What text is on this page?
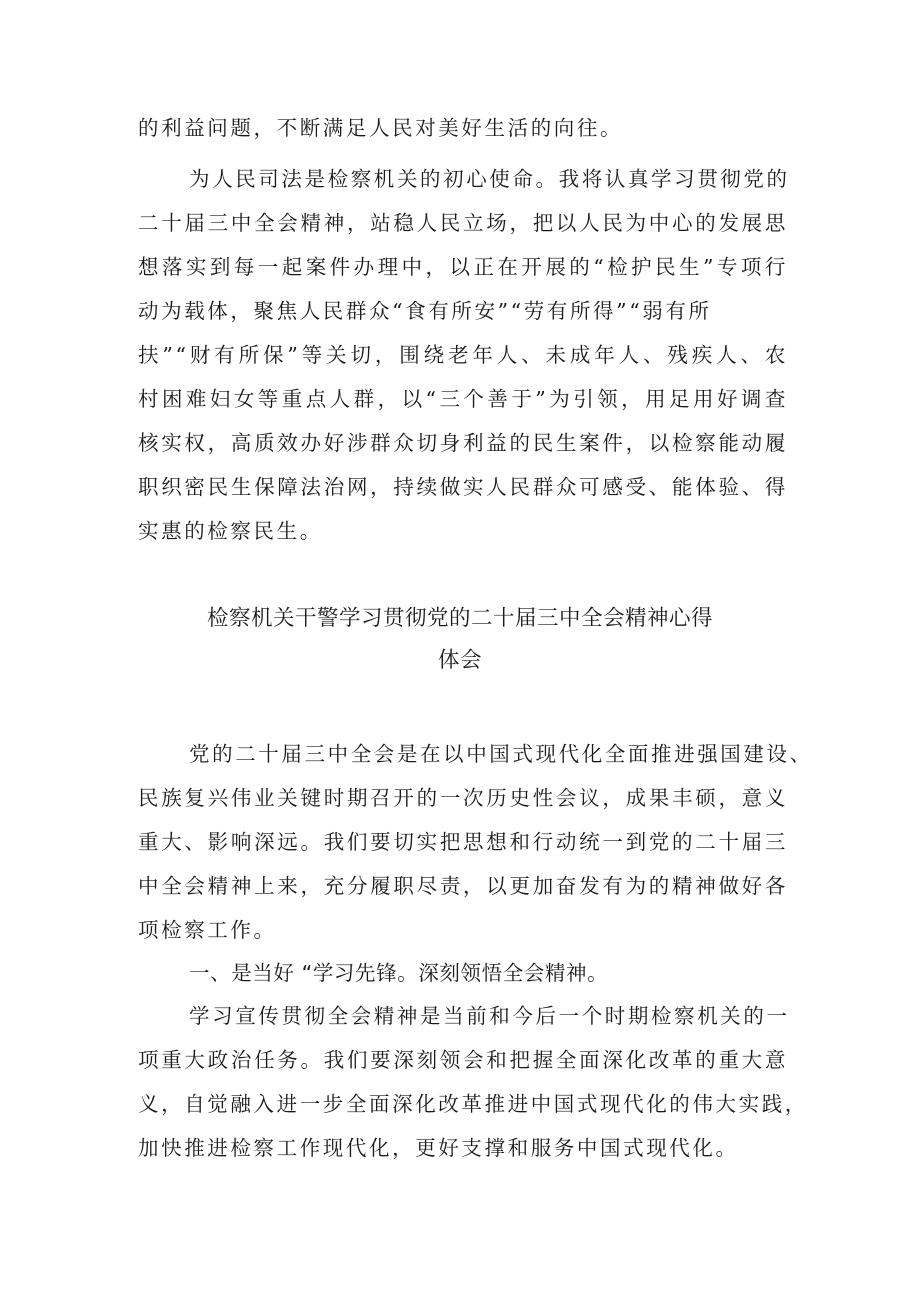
的利益问题，不断满足人民对美好生活的向往。
为人民司法是检察机关的初心使命。我将认真学习贯彻党的
二十届三中全会精神，站稳人民立场，把以人民为中心的发展思
想落实到每一起案件办理中，以正在开展的“检护民生”专项行
动为载体，聚焦人民群众“食有所安”“劳有所得”“弱有所
扶”“财有所保”等关切，围绕老年人、未成年人、残疾人、农
村困难妇女等重点人群，以“三个善于”为引领，用足用好调查
核实权，高质效办好涉群众切身利益的民生案件，以检察能动履
职织密民生保障法治网，持续做实人民群众可感受、能体验、得
实惠的检察民生。
检察机关干警学习贯彻党的二十届三中全会精神心得
体会
党的二十届三中全会是在以中国式现代化全面推进强国建设、
民族复兴伟业关键时期召开的一次历史性会议，成果丰硕，意义
重大、影响深远。我们要切实把思想和行动统一到党的二十届三
中全会精神上来，充分履职尽责，以更加奋发有为的精神做好各
项检察工作。
一、是当好 “学习先锋。深刻领悟全会精神。
学习宣传贯彻全会精神是当前和今后一个时期检察机关的一
项重大政治任务。我们要深刻领会和把握全面深化改革的重大意
义，自觉融入进一步全面深化改革推进中国式现代化的伟大实践，
加快推进检察工作现代化，更好支撑和服务中国式现代化。
